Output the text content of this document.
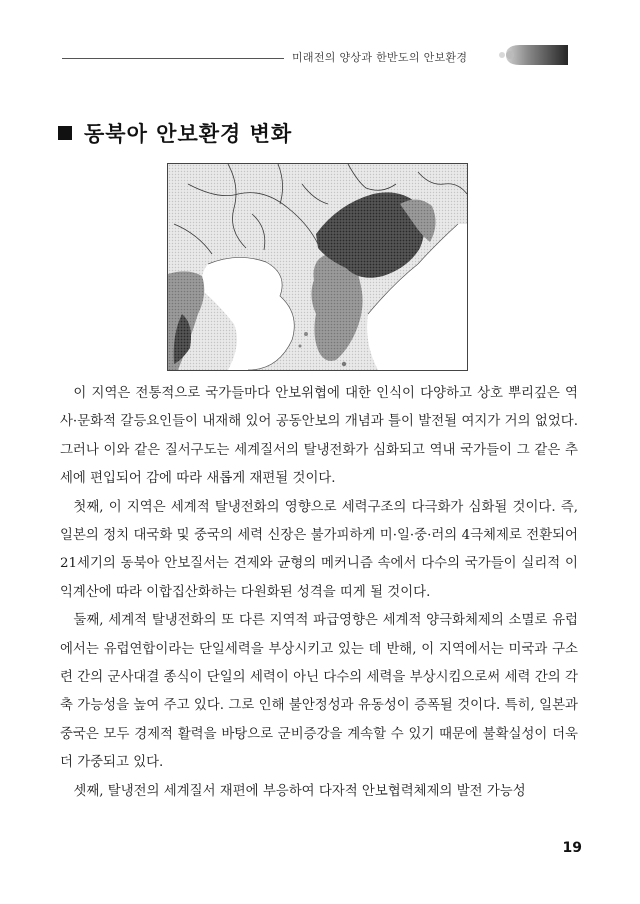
미래전의 양상과 한반도의 안보환경
동북아 안보환경 변화

이 지역은 전통적으로 국가들마다 안보위협에 대한 인식이 다양하고 상호 뿌리깊은 역사·문화적 갈등요인들이 내재해 있어 공동안보의 개념과 틀이 발전될 여지가 거의 없었다. 그러나 이와 같은 질서구도는 세계질서의 탈냉전화가 심화되고 역내 국가들이 그 같은 추세에 편입되어 감에 따라 새롭게 재편될 것이다.

첫째, 이 지역은 세계적 탈냉전화의 영향으로 세력구조의 다극화가 심화될 것이다. 즉, 일본의 정치 대국화 및 중국의 세력 신장은 불가피하게 미·일·중·러의 4극체제로 전환되어 21세기의 동북아 안보질서는 견제와 균형의 메커니즘 속에서 다수의 국가들이 실리적 이익계산에 따라 이합집산화하는 다원화된 성격을 띠게 될 것이다.

둘째, 세계적 탈냉전화의 또 다른 지역적 파급영향은 세계적 양극화체제의 소멸로 유럽에서는 유럽연합이라는 단일세력을 부상시키고 있는 데 반해, 이 지역에서는 미국과 구소련 간의 군사대결 종식이 단일의 세력이 아닌 다수의 세력을 부상시킴으로써 세력 간의 각축 가능성을 높여 주고 있다. 그로 인해 불안정성과 유동성이 증폭될 것이다. 특히, 일본과 중국은 모두 경제적 활력을 바탕으로 군비증강을 계속할 수 있기 때문에 불확실성이 더욱더 가중되고 있다.

셋째, 탈냉전의 세계질서 재편에 부응하여 다자적 안보협력체제의 발전 가능성

19
